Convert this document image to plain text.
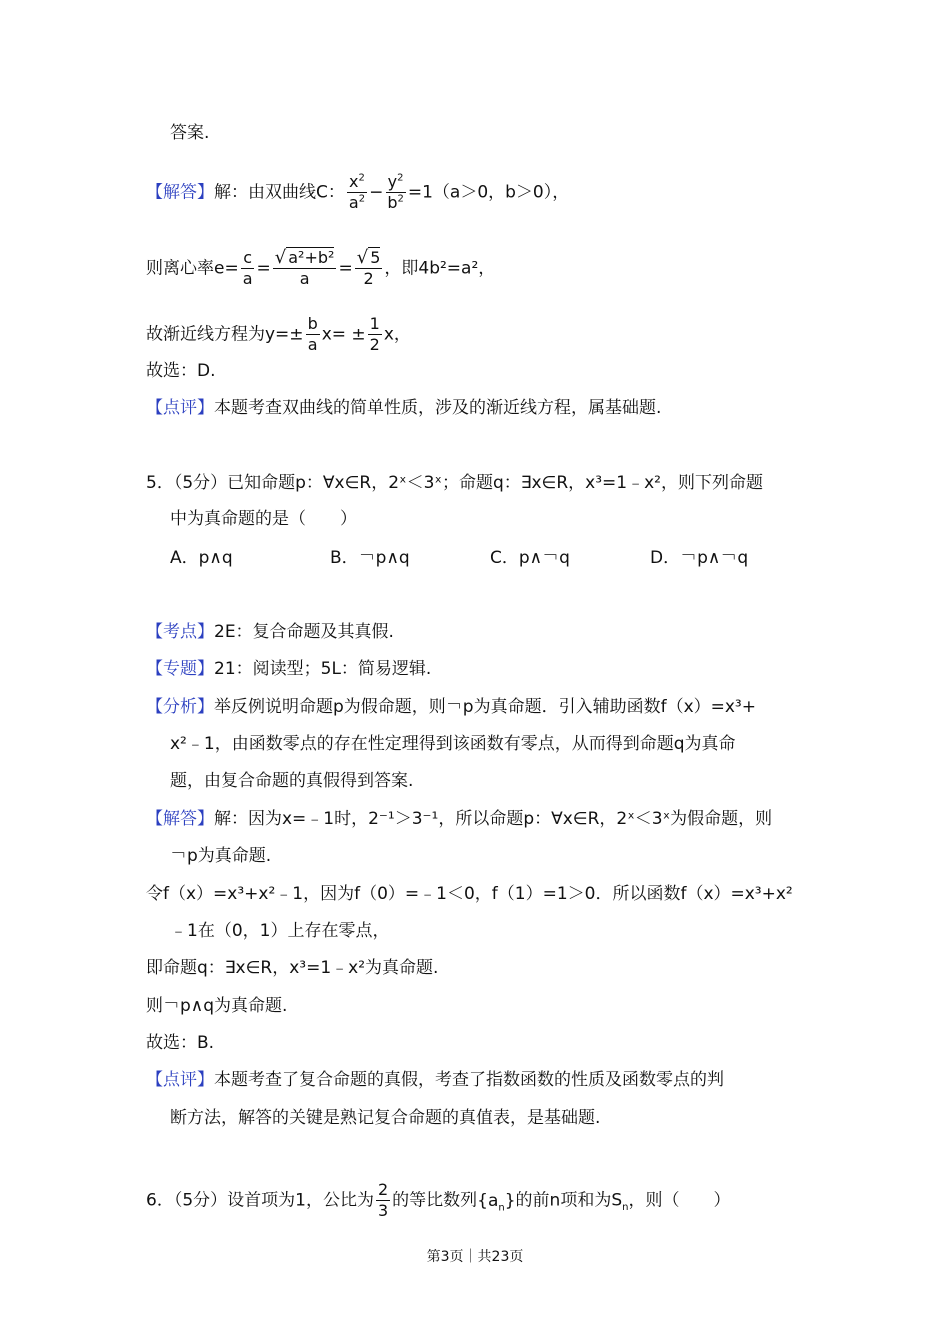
答案.
【解答】解：由双曲线C： $\frac{x^2}{a^2} - \frac{y^2}{b^2} =1(a>0$，b＞0），
则离心率$e= \frac{c}{a} = \frac{\text{√ a²+b²}}{a} = \frac{√ 5}{2}$ ，即4b²=a²，
故渐近线方程为$y=\pm \frac{b}{a} x= \pm \frac{1}{2}$ x，
故选：D.
【点评】本题考查双曲线的简单性质，涉及的渐近线方程，属基础题.
5．（5分）已知命题p：∀x∈R，2ˣ＜3ˣ；命题q：∃x∈R，x³=1﹣x²，则下列命题
中为真命题的是（　　）
A．p∧q	B．￢p∧q	C．p∧￢q	D．￢p∧￢q
【考点】2E：复合命题及其真假.
【专题】21：阅读型；5L：简易逻辑.
【分析】举反例说明命题p为假命题，则￢p为真命题．引入辅助函数f（x）=x³+
x²﹣1，由函数零点的存在性定理得到该函数有零点，从而得到命题q为真命
题，由复合命题的真假得到答案.
【解答】解：因为x=﹣1时，2⁻¹＞3⁻¹，所以命题p：∀x∈R，2ˣ＜3ˣ为假命题，则
￢p为真命题.
令f（x）=x³+x²﹣1，因为f（0）=﹣1＜0，f（1）=1＞0．所以函数f（x）=x³+x²
﹣1在（0，1）上存在零点，
即命题q：∃x∈R，x³=1﹣x²为真命题.
则￢p∧q为真命题.
故选：B.
【点评】本题考查了复合命题的真假，考查了指数函数的性质及函数零点的判
断方法，解答的关键是熟记复合命题的真值表，是基础题.
6．（5分）设首项为1，公比为 $\frac{2}{3}$ 的等比数列$\{a_n\}$的前n项和为$S_n$，则（　　）
第3页｜共23页
